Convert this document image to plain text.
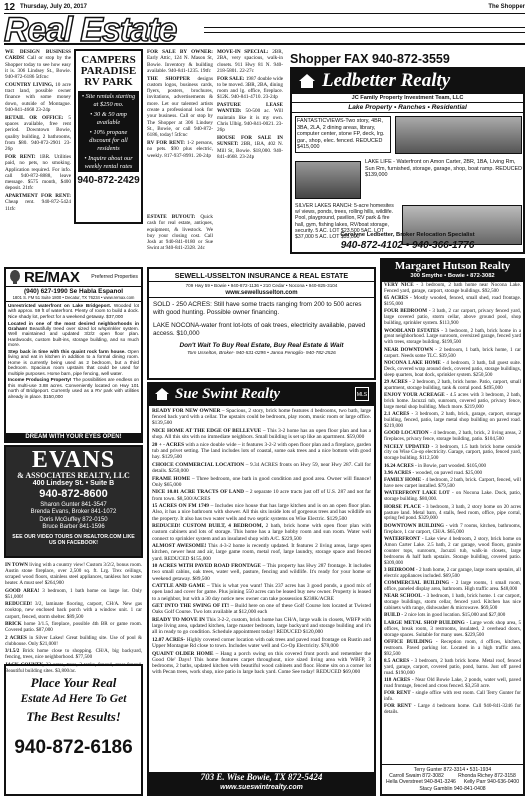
12 Thursday, July 20, 2017	The Shopper
Real Estate

WE DESIGN BUSINESS CARDS! Call or stop by the Shopper today to see how easy it is. 306 Lindsey St., Bowie. 940-872-6186 5tfcnc

COUNTRY LIVING, 10 acre tract land, possible owner finance with some money down, outside of Montague. 940-841-4668 23-24p

RETAIL OR OFFICE: 5 spaces available, free rent period. Downtown Bowie, quality building, 2 bathrooms, from $80. 940-872-2901 23-26p

FOR RENT: 1BR. Utilities paid, no pets, no smoking. Application required. For info. call 940-872-8888, leave message. $575 month, $400 deposit. 21tfc

APARTMENT FOR RENT: Cheap rent. 940-872-5424 11tfc

CAMPERS
PARADISE
RV PARK
• Site rentals starting at $250 mo.
• 30 & 50 amp available
• 10% propane discount for all residents
• Inquire about our weekly rental rates
940-872-2429

FOR SALE BY OWNER: Early Attic, 124 N. Mason St, Bowie. Inventory & building available. 940-841-1235. 19tfc

THE SHOPPER designs custom logos, business cards, flyers, posters, brochures, invitations, advertisements & more. Let our talented artists create a professional look for your business. Call or stop by The Shopper at 306 Lindsey St., Bowie, or call 940-872-6186, today! 5tfcnc

RV FOR RENT: 1-2 persons, no pets. $90 plus electric, weekly. 817-937-8991. 20-24p

ESTATE BUYOUT: Quick cash for real estate, antiques, equipment, & livestock. We buy your closing cost. Call Josh at 940-841-0180 or Sue Swint at 940-841-2328. 24c

MOVE-IN SPECIAL: 2BR, 2BA, very spacious, walk-in closets. 911 Hwy 81 N. 940-218-5801. 22-27c

FOR SALE: 1987 double wide to be moved. 3BR, 2BA, dining room and lg. office, fireplace. $12K. 940-841-4710. 23-24p

PASTURE LEASE WANTED: 50-500 ac. Will maintain like it is my own. Chris Ulbig. 940-841-0021. 23-26p

HOUSE FOR SALE IN SUNSET: 2BR, 1BA, 402 N. Mill St, Bowie. $18,000. 940-841-4668. 23-24p

Shopper FAX 940-872-3559
Ledbetter Realty
JC Family Property Investment Team, LLC
Lake Property • Ranches • Residential
FANTASTICVIEWS-Two story, 4BR, 3BA, 2LA, 2 dining areas, library, computer center, stone FP, deck, lrg. gar., shop, elec. fenced. REDUCED $415,000
LAKE LIFE - Waterfront on Amon Carter, 2BR, 1BA, Living Rm, Sun Rm, furnished, storage, garage, shop, boat ramp. REDUCED $139,000
SILVER LAKES RANCH: 5-acre homesites w/ views, ponds, trees, rolling hills, wildlife. Pool, playground, pavilion, RV park & fire hall, gym, fishing lakes, RV/boat storage, security. 5 AC. LOT $23,500 5AC. LOT $37,000 5 AC. LOT $55,000
Carolyne Ledbetter, Broker Relocation Specialist
940-872-4102 • 940-366-1776
SEWELL-USSELTON INSURANCE & REAL ESTATE
709 Hwy 59 • Bowie • 940-872-1136 • 210 Cedar • Nocona • 940-825-3104
www.sewellusselton.com
SOLD - 250 ACRES: Still have some tracts ranging from 200 to 500 acres with good hunting. Possible owner financing.
LAKE NOCONA-water front lot-lots of oak trees, electricity available, paved access. $10,000
Don't Wait To Buy Real Estate, Buy Real Estate & Wait
Tom Usselton, Broker- 940-531-0295 • Janna Fenoglio- 940-782-2526
RE/MAX Preferred Properties
(940) 627-1990 Se Habla Espanol
1801 S. FM 51 Suite 1800 • Decatur, TX 76234 • www.remax.com

Unrestricted waterfront on Lake Bridgeport. Wooded lot with approx. 59 ft of waterfront. Plenty of room to build a dock. Nice shady lot, perfect for a weekend getaway. $37,000

Located in one of the most desired neighborhoods in Graham! Beautifully treed over sized lot w/sprinkler system. Well maintained and updated 3/2/2 open floor plan. Hardwoods, custom built-ins, storage building, and so much more.

Step back in time with this quaint rock farm house. Open living and eat in kitchen in addition to a formal dining room. Home is currently being used as 2 bedroom, but a third bedroom. Spacious room upstairs that could be used for multiple purposes. Horse barn, pipe fencing, well water.

Income Producing Property! The possibilities are endless on this multi-use 3.88 acres. Conveniently located on Hwy 101 north of Bridgeport. Currently used as a RV park with utilities already in place. $150,000

DREAM WITH YOUR EYES OPEN!
EVANS
& ASSOCIATES REALTY, LLC
400 Lindsey St. • Suite B
940-872-8600
Sharon Gunter 841-3547
Brenda Evans, Broker 841-1072
Doris McGuffey 872-0150
Bruce Barber 841-1596
SEE OUR VIDEO TOURS ON REALTOR.COM LIKE US ON FACEBOOK!

IN TOWN living with a country view! Custom 3/2/2, bonus room. Austin stone fireplace, over 2,500 sq. ft. Lrg. Trex ceilings, scraped wood floors, stainless steel appliances, tankless hot water heater. A must see! $264,900

GOOD AREA! 3 bedroom, 1 bath home on large lot. Only $51,000!

REDUCED! 3/2, laminate flooring, carport, CH/A. New gas cooktop, new enclosed back porch with a window unit. 1 car carport, fenced, storm shelter. $89,500

BRICK home 3/1.5, fireplace, possible 4th BR or game room. Covered patio. $87,000

2 ACRES in Silver Lakes! Great building site. Use of pool & clubhouse. Only $21,000!

3/1.5/2 Brick home close to shopping. CH/A, big backyard, fencing, trees, nice neighborhood. $77,500

JACK COUNTY, 33 acres, trees, 2 tanks, fenced, cross-fenced. Beautiful building sites. $3,800/ac.

Place Your Real
Estate Ad Here To Get
The Best Results!
940-872-6186
Sue Swint Realty	MLS

READY FOR NEW OWNER – Spacious, 2 story, brick home features 4 bedrooms, two bath, large fenced back yard with a cellar. The upstairs could be bedroom, play room, music room or large office. $139,500

NICE HOME AT THE EDGE OF BELLEVUE – This 3-2 home has an open floor plan and has a shop. All this sits with no immediate neighbors. Small building is set up like an apartment. $59,000

20 + - ACRES with a nice double wide – it features 3-2-2 with open floor plan and a fireplace, garden tub and privet setting. The land includes lots of coastal, some oak trees and a nice bottom with good hay. $129,500

CHOICE COMMERCIAL LOCATION – 9.34 ACRES fronts on Hwy 59, near Hwy 287. Call for details. $250,000

FRAME HOME – Three bedroom, one bath in good condition and good area. Owner will finance! Only $65,000

NICE 10.01 ACRE TRACTS OF LAND – 2 separate 10 acre tracts just off of U.S. 287 and not far from town. $8,500/ACRES

15 ACRES ON FM 1749 – Includes nice house that has large kitchen and is on an open floor plan. Also, it has a nice bathroom with shower. All this sits inside lots of gorgeous trees and has wildlife on the property. It also has two water wells and two septic systems on Wise Electric. $129,500

REDUCED! CUSTOM BUILT, 4 BEDROOM, 2 bath, brick home with open floor plan with custom cabinets and lots of storage. This home has a large hobby room and sun room. Water well connect to sprinkler system and an insulated shop with A/C. $229,500

ALMOST AWESOME! This 4-3-2 home is recently updated. It features 2 living areas, large open kitchen, newer heat and air, large game room, metal roof, large laundry, storage space and fenced yard. REDUCED $155,000

10 ACRES WITH PAVED ROAD FRONTAGE – This property has Hwy 287 frontage. It includes two small cabins, oak trees, water well, pasture, fencing and wildlife. It's ready for your home or weekend getaway. $89,500

CATTLE AND GAME – This is what you want! This 237 acres has 3 good ponds, a good mix of open land and cover for game. Plus joining 550 acres can be leased buy new owner. Property is leased to a neighbor, but with a 30 day notice new owner can take possession $238K/ACRE

GET INTO THE SWING OF IT! – Build here on one of these Golf Course lots located at Twisted Oaks Golf Course. Two lots available at $12,000 each

READY TO MOVE IN This 3-2-2, custom, brick home has CH/A, large walk in closets, WBFP with large living area, updated kitchen, large master bedroom, large backyard and storage building and it's all in ready to go condition. Schedule appointment today! REDUCED $120,000

12.07 ACRES- Highly coveted corner location with oak trees and paved road frontage on Rustin and Upper Montague Rd close to town. Includes water well and Co-Op Electricity. $78,000

QUAINT OLDER HOME – Hang a porch swing on this covered front porch and remember the Good Ole' Days! This home features carpet throughout, nice sized living area with WBFP, 3 bedrooms, 2 baths, updated kitchen with beautiful wood cabinets and floor. Home sits on a corner lot with Pecan trees, work shop, nice patio in large back yard. Come See today! REDUCED $69,000

703 E. Wise Bowie, TX 872-5424
www.sueswintrealty.com
Margaret Hutson Realty
300 Smythe • Bowie • 872-3082

VERY NICE - 3 bedroom, 2 bath home near Nocona Lake. Fenced yard, garage, carport, storage buildings. $92,500

65 ACRES - Mostly wooded, fenced, small shed, road frontage. $195,000

FOUR BEDROOM - 3 bath, 2 car carport, privacy fenced yard, large covered patio, storm cellar, above ground pool, shop building, sprinkler system. $113,900

WOODLAND ESTATES - 3 bedroom, 2 bath, brick home in a great neighborhood. Large sunroom, oversized garage, fenced yard with trees, storage building. $199,500

NEAR DOWNTOWN - 2 bedroom, 1 bath, brick home, 1 car carport. Needs some TLC. $39,500

NOCONA LAKE HOME - 4 bedroom, 3 bath, fall guest suite. Deck, covered wrap around deck, covered patio, storage buildings, sleep quarters, boat dock, sprinkler system. $250,500

29 ACRES - 2 bedroom, 2 bath, brick home. Patio, carport, small apartment, storage building, tank & corral pond. $495,000

ENJOY YOUR ACREAGE - 4.5 acres with 3 bedroom, 2 bath, brick home. Jacuzzi tub, sunroom, covered patio, privacy fence, large metal shop building. Much more. $219,000

2.1 ACRES - 3 bedroom, 2 bath, brick, garage, carport, storage building, fenced, patio, large metal shop building on paved road. $219,000

GOOD LOCATION - 4 bedroom, 2 bath, brick, 2 living areas, 2 fireplaces, privacy fence, storage building, patio. $104,500

NICELY UPDATED - 3 bedroom, 1.5 bath brick home outside city on Wise Co-op electricity. Garage, carport, patio, fenced yard, storage building. $112,500

16.24 ACRES - in Bowie, part wooded. $105,000

3.96 ACRES - wooded, on paved road. $25,000

FAMILY HOME - 4 bedroom, 2 bath, brick. Carport, fenced, will have new carpet installed. $79,500

WATERFRONT LAKE LOT - on Nocona Lake. Dock, patio, storage building. $80,000.

HORSE PLACE - 3 bedroom, 3 bath, 2 story home on 20 acres pasture land. Metal barn, 4 stalls, feed room, office, pipe corral, spring fed pond. $329,000

DOWNTOWN BUILDING - with 7 rooms, kitchen, bathrooms, fireplace, 1 car carport, CH/A. $65,000

WATERFRONT - Lake view 4 bedroom, 2 story, brick home on Amon Carter Lake. 2.5 bath, 2 car garage, wood floors, granite counter tops, sunroom, Jacuzzi tub, walk-in closets, large bedrooms & half bath upstairs. Storage building, covered patio. $309,000

3 BEDROOM - 2 bath home, 2 car garage, large room upstairs, all electric appliances included. $69,500

COMMERCIAL BUILDING - 2 large rooms, 1 small room, office, paneled display area, bathroom. High traffic area. $48,000

NEAR SCHOOL - 3 bedroom, 1 bath, brick home. 1 car carport, storage buildings, storm cellar, fenced yard. Kitchen has nice cabinets with range, dishwasher & microwave. $69,500

BUILD - 2 nice lots in good location. $15,000 and $27,000

LARGE METAL SHOP BUILDING - Large work shop area, 5 offices, break room, 3 restrooms, insulated, 2 overhead doors, storage spaces. Suitable for many uses. $229,500

OFFICE BUILDING - Reception room, 4 offices, kitchen, restroom. Paved parking lot. Located in a high traffic area. $92,500

8.5 ACRES - 3 bedroom, 2 bath brick home. Metal roof, fenced yard, garage, carport, covered patio, pond, barns. Just off paved road. $190,000

118 ACRES - Near Old Bowie Lake, 2 ponds, water well, paved road frontage, fenced and cross fenced. $3,250 acre.

FOR RENT - single office with rest room. Call Terry Gunter for info.

FOR RENT - Large 4 bedroom home. Call 940-841-3246 for details.

Terry Gunter 872-3314 • 531-1934
Carroll Swaim 872-3082	Rhonda Richey 872-3158
Hella Overstreet 940-841-3246 Kelly Parr 940-636-0400
Stacy Gamblin 940-841-0408
